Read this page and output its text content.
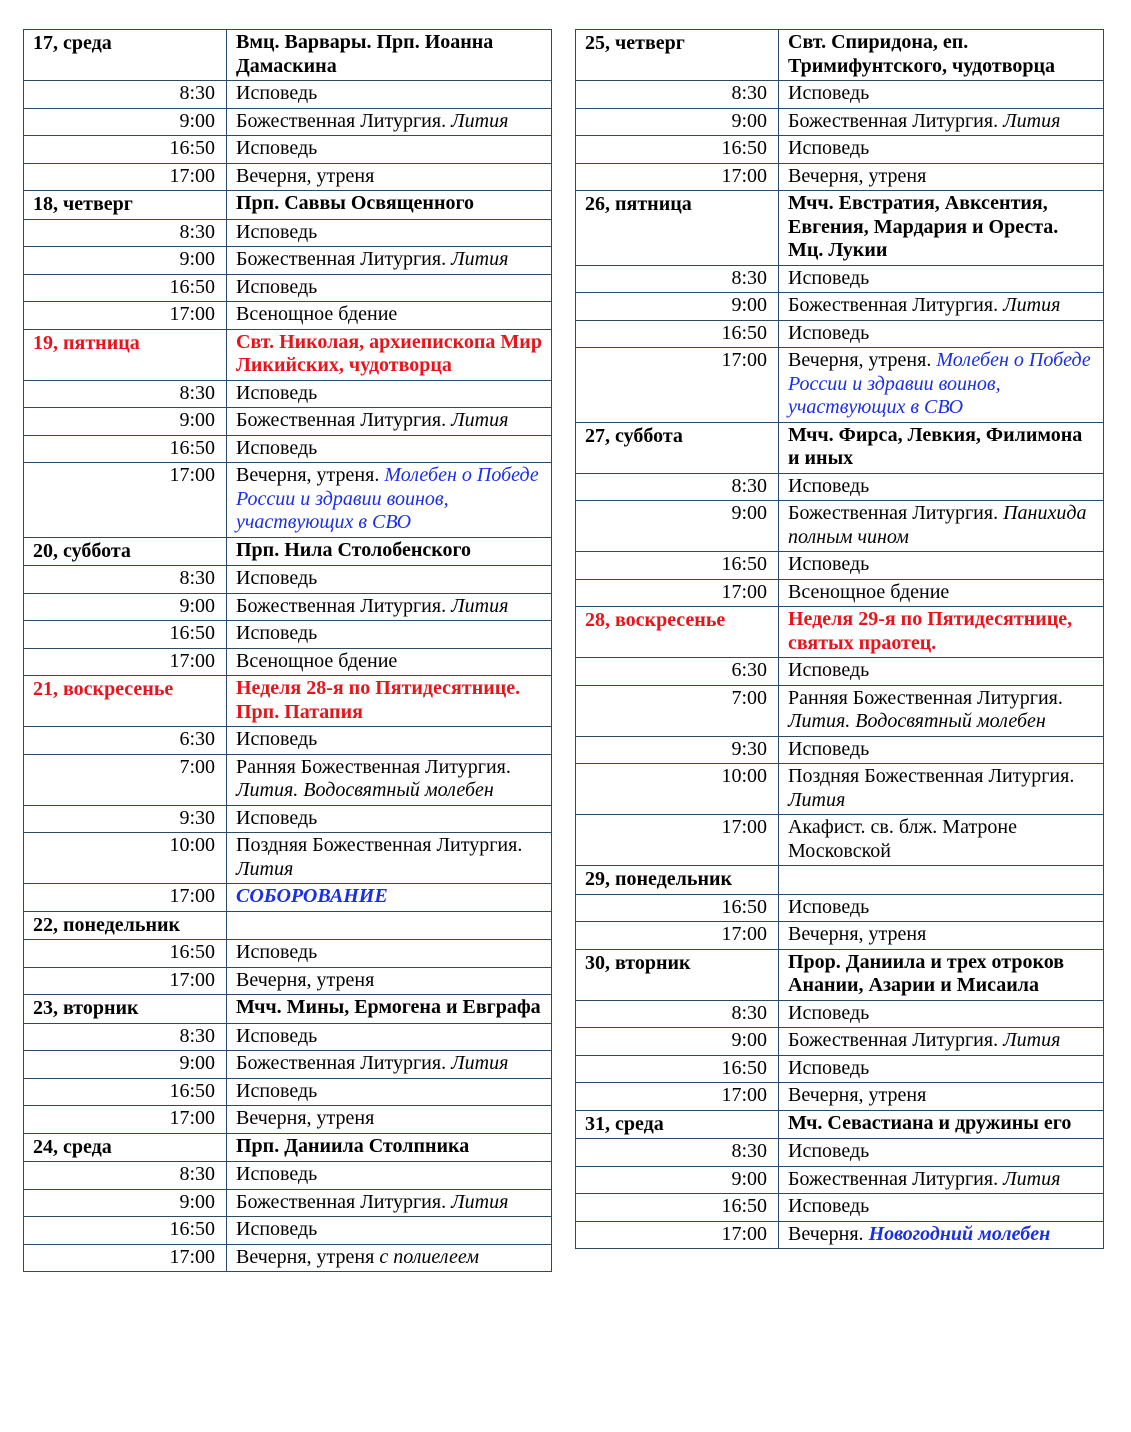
17, среда	Вмц. Варвары. Прп. Иоанна Дамаскина
8:30	Исповедь
9:00	Божественная Литургия. Лития
16:50	Исповедь
17:00	Вечерня, утреня
18, четверг	Прп. Саввы Освященного
8:30	Исповедь
9:00	Божественная Литургия. Лития
16:50	Исповедь
17:00	Всенощное бдение
19, пятница	Свт. Николая, архиепископа Мир Ликийских, чудотворца
8:30	Исповедь
9:00	Божественная Литургия. Лития
16:50	Исповедь
17:00	Вечерня, утреня. Молебен о Победе России и здравии воинов, участвующих в СВО
20, суббота	Прп. Нила Столобенского
8:30	Исповедь
9:00	Божественная Литургия. Лития
16:50	Исповедь
17:00	Всенощное бдение
21, воскресенье	Неделя 28-я по Пятидесятнице. Прп. Патапия
6:30	Исповедь
7:00	Ранняя Божественная Литургия. Лития. Водосвятный молебен
9:30	Исповедь
10:00	Поздняя Божественная Литургия. Лития
17:00	СОБОРОВАНИЕ
22, понедельник	
16:50	Исповедь
17:00	Вечерня, утреня
23, вторник	Мчч. Мины, Ермогена и Евграфа
8:30	Исповедь
9:00	Божественная Литургия. Лития
16:50	Исповедь
17:00	Вечерня, утреня
24, среда	Прп. Даниила Столпника
8:30	Исповедь
9:00	Божественная Литургия. Лития
16:50	Исповедь
17:00	Вечерня, утреня с полиелеем
25, четверг	Свт. Спиридона, еп. Тримифунтского, чудотворца
8:30	Исповедь
9:00	Божественная Литургия. Лития
16:50	Исповедь
17:00	Вечерня, утреня
26, пятница	Мчч. Евстратия, Авксентия, Евгения, Мардария и Ореста. Мц. Лукии
8:30	Исповедь
9:00	Божественная Литургия. Лития
16:50	Исповедь
17:00	Вечерня, утреня. Молебен о Победе России и здравии воинов, участвующих в СВО
27, суббота	Мчч. Фирса, Левкия, Филимона и иных
8:30	Исповедь
9:00	Божественная Литургия. Панихида полным чином
16:50	Исповедь
17:00	Всенощное бдение
28, воскресенье	Неделя 29-я по Пятидесятнице, святых праотец.
6:30	Исповедь
7:00	Ранняя Божественная Литургия. Лития. Водосвятный молебен
9:30	Исповедь
10:00	Поздняя Божественная Литургия. Лития
17:00	Акафист. св. блж. Матроне Московской
29, понедельник	
16:50	Исповедь
17:00	Вечерня, утреня
30, вторник	Прор. Даниила и трех отроков Анании, Азарии и Мисаила
8:30	Исповедь
9:00	Божественная Литургия. Лития
16:50	Исповедь
17:00	Вечерня, утреня
31, среда	Мч. Севастиана и дружины его
8:30	Исповедь
9:00	Божественная Литургия. Лития
16:50	Исповедь
17:00	Вечерня. Новогодний молебен
